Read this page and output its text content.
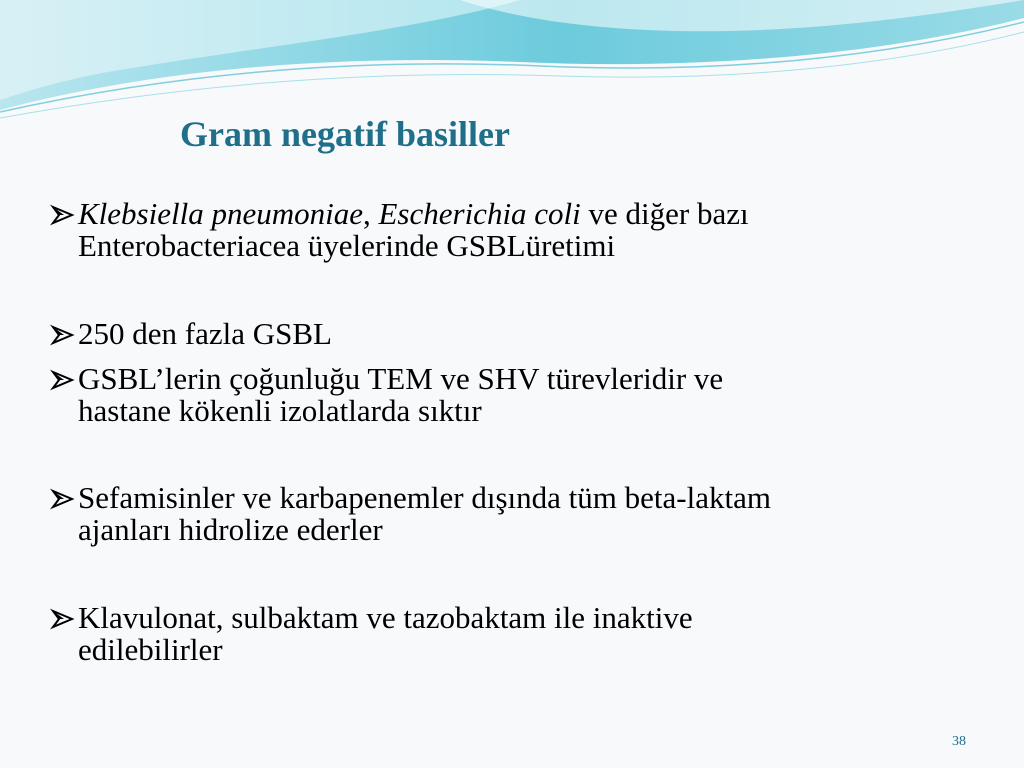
Gram negatif basiller
Klebsiella pneumoniae, Escherichia coli ve diğer bazı
Enterobacteriacea üyelerinde GSBLüretimi
250 den fazla GSBL
GSBL’lerin çoğunluğu TEM ve SHV türevleridir ve
hastane kökenli izolatlarda sıktır
Sefamisinler ve karbapenemler dışında tüm beta-laktam
ajanları hidrolize ederler
Klavulonat, sulbaktam ve tazobaktam ile inaktive
edilebilirler
38
